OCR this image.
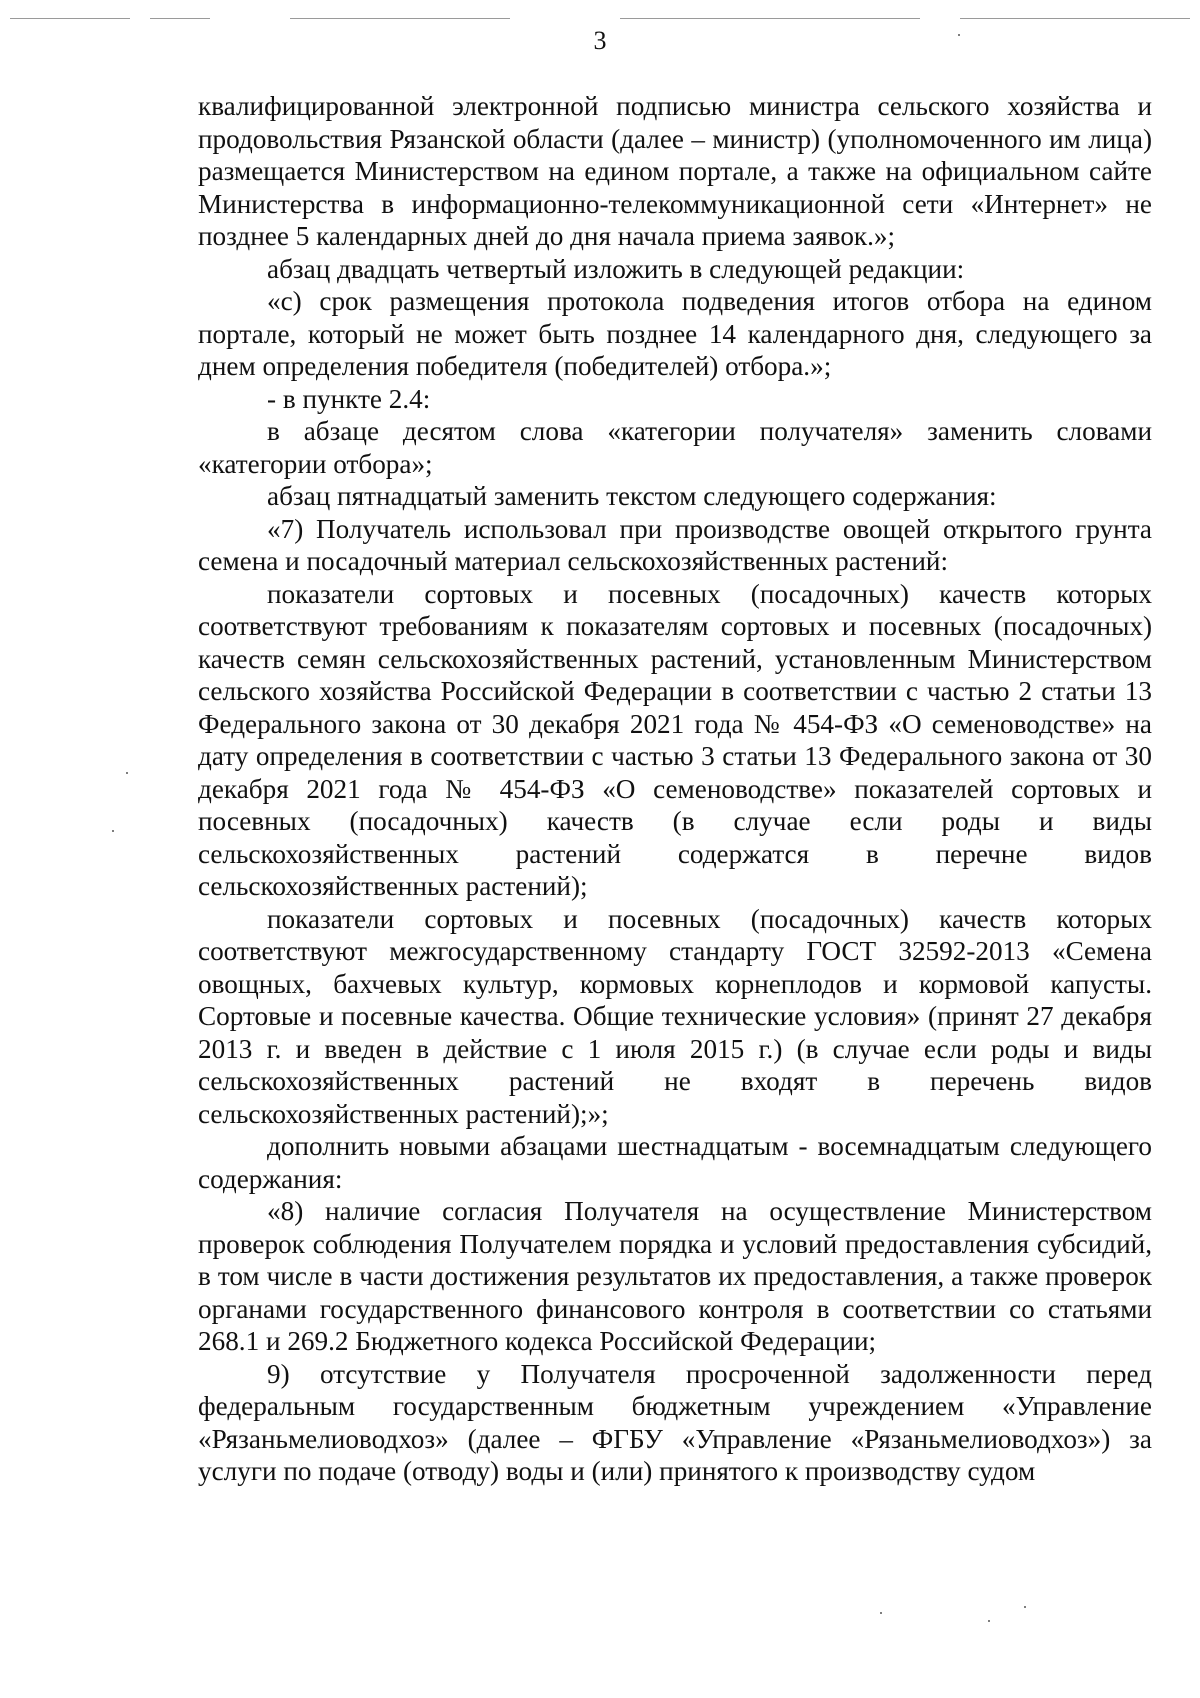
3

квалифицированной электронной подписью министра сельского хозяйства и продовольствия Рязанской области (далее – министр) (уполномоченного им лица) размещается Министерством на едином портале, а также на официальном сайте Министерства в информационно-телекоммуникационной сети «Интернет» не позднее 5 календарных дней до дня начала приема заявок.»;

абзац двадцать четвертый изложить в следующей редакции:

«с) срок размещения протокола подведения итогов отбора на едином портале, который не может быть позднее 14 календарного дня, следующего за днем определения победителя (победителей) отбора.»;

- в пункте 2.4:

в абзаце десятом слова «категории получателя» заменить словами «категории отбора»;

абзац пятнадцатый заменить текстом следующего содержания:

«7) Получатель использовал при производстве овощей открытого грунта семена и посадочный материал сельскохозяйственных растений:

показатели сортовых и посевных (посадочных) качеств которых соответствуют требованиям к показателям сортовых и посевных (посадочных) качеств семян сельскохозяйственных растений, установленным Министерством сельского хозяйства Российской Федерации в соответствии с частью 2 статьи 13 Федерального закона от 30 декабря 2021 года № 454-ФЗ «О семеноводстве» на дату определения в соответствии с частью 3 статьи 13 Федерального закона от 30 декабря 2021 года № 454-ФЗ «О семеноводстве» показателей сортовых и посевных (посадочных) качеств (в случае если роды и виды сельскохозяйственных растений содержатся в перечне видов сельскохозяйственных растений);

показатели сортовых и посевных (посадочных) качеств которых соответствуют межгосударственному стандарту ГОСТ 32592-2013 «Семена овощных, бахчевых культур, кормовых корнеплодов и кормовой капусты. Сортовые и посевные качества. Общие технические условия» (принят 27 декабря 2013 г. и введен в действие с 1 июля 2015 г.) (в случае если роды и виды сельскохозяйственных растений не входят в перечень видов сельскохозяйственных растений);»;

дополнить новыми абзацами шестнадцатым - восемнадцатым следующего содержания:

«8) наличие согласия Получателя на осуществление Министерством проверок соблюдения Получателем порядка и условий предоставления субсидий, в том числе в части достижения результатов их предоставления, а также проверок органами государственного финансового контроля в соответствии со статьями 268.1 и 269.2 Бюджетного кодекса Российской Федерации;

9) отсутствие у Получателя просроченной задолженности перед федеральным государственным бюджетным учреждением «Управление «Рязаньмелиоводхоз» (далее – ФГБУ «Управление «Рязаньмелиоводхоз») за услуги по подаче (отводу) воды и (или) принятого к производству судом
